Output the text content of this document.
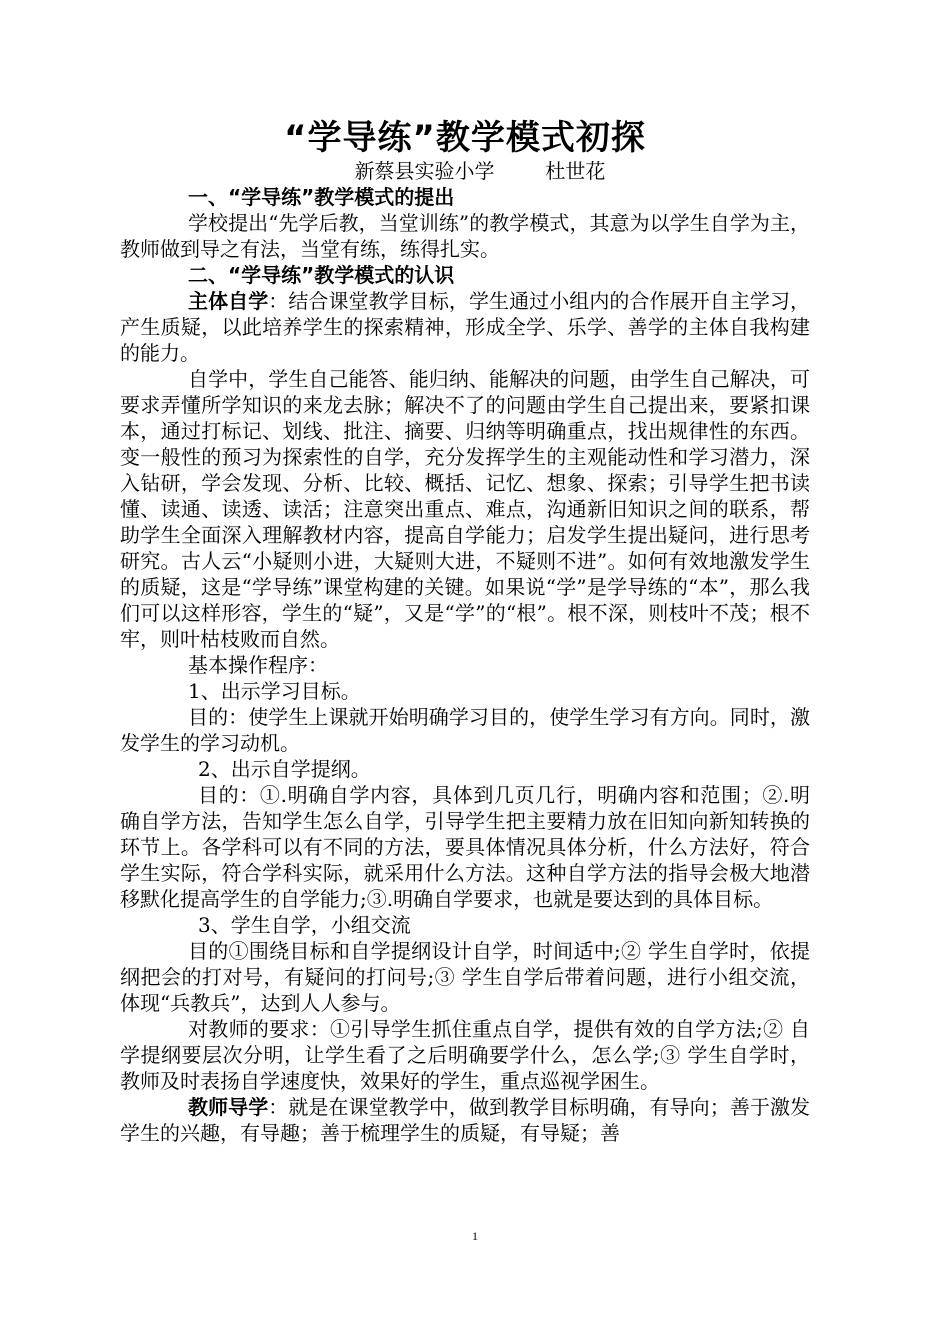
“学导练”教学模式初探
新蔡县实验小学        杜世花
一、“学导练”教学模式的提出

学校提出“先学后教，当堂训练”的教学模式，其意为以学生自学为主，教师做到导之有法，当堂有练，练得扎实。

二、“学导练”教学模式的认识

主体自学：结合课堂教学目标，学生通过小组内的合作展开自主学习，产生质疑，以此培养学生的探索精神，形成全学、乐学、善学的主体自我构建的能力。

自学中，学生自己能答、能归纳、能解决的问题，由学生自己解决，可要求弄懂所学知识的来龙去脉；解决不了的问题由学生自己提出来，要紧扣课本，通过打标记、划线、批注、摘要、归纳等明确重点，找出规律性的东西。变一般性的预习为探索性的自学，充分发挥学生的主观能动性和学习潜力，深入钻研，学会发现、分析、比较、概括、记忆、想象、探索；引导学生把书读懂、读通、读透、读活；注意突出重点、难点，沟通新旧知识之间的联系，帮助学生全面深入理解教材内容，提高自学能力；启发学生提出疑问，进行思考研究。古人云“小疑则小进，大疑则大进，不疑则不进”。如何有效地激发学生的质疑，这是“学导练”课堂构建的关键。如果说“学”是学导练的“本”，那么我们可以这样形容，学生的“疑”，又是“学”的“根”。根不深，则枝叶不茂；根不牢，则叶枯枝败而自然。

基本操作程序：

1、出示学习目标。

目的：使学生上课就开始明确学习目的，使学生学习有方向。同时，激发学生的学习动机。

2、出示自学提纲。

目的：①.明确自学内容，具体到几页几行，明确内容和范围；②.明确自学方法，告知学生怎么自学，引导学生把主要精力放在旧知向新知转换的环节上。各学科可以有不同的方法，要具体情况具体分析，什么方法好，符合学生实际，符合学科实际，就采用什么方法。这种自学方法的指导会极大地潜移默化提高学生的自学能力;③.明确自学要求，也就是要达到的具体目标。

3、学生自学，小组交流

目的①围绕目标和自学提纲设计自学，时间适中;② 学生自学时，依提纲把会的打对号，有疑问的打问号;③ 学生自学后带着问题，进行小组交流，体现“兵教兵”，达到人人参与。

对教师的要求：①引导学生抓住重点自学，提供有效的自学方法;② 自学提纲要层次分明，让学生看了之后明确要学什么，怎么学;③ 学生自学时，教师及时表扬自学速度快，效果好的学生，重点巡视学困生。

教师导学：就是在课堂教学中，做到教学目标明确，有导向；善于激发学生的兴趣，有导趣；善于梳理学生的质疑，有导疑；善

1
